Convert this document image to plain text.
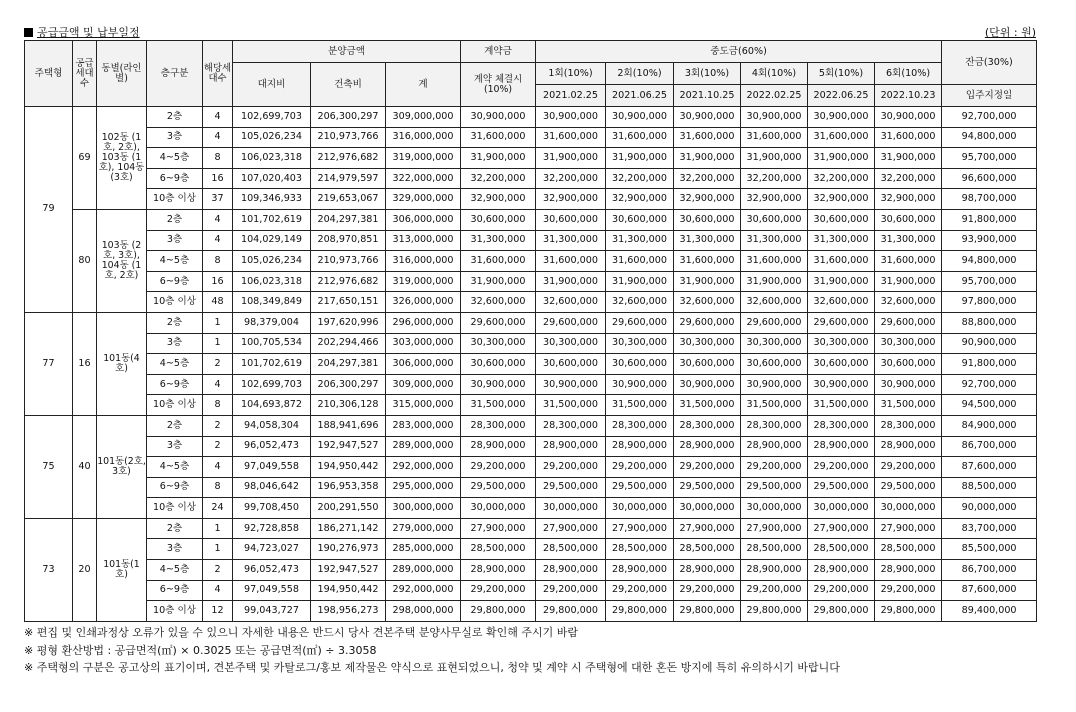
공급금액 및 납부일정	(단위 : 원)
주택형	공급세대수	동별(라인별)	층구분	해당세대수	분양금액			계약금	중도금(60%)						잔금(30%)
					대지비	건축비	계	계약 체결시 (10%)	1회(10%)	2회(10%)	3회(10%)	4회(10%)	5회(10%)	6회(10%)	
									2021.02.25	2021.06.25	2021.10.25	2022.02.25	2022.06.25	2022.10.23	입주지정일
79	69	102동 (1호, 2호), 103동 (1호), 104동 (3호)	2층	4	102,699,703	206,300,297	309,000,000	30,900,000	30,900,000	30,900,000	30,900,000	30,900,000	30,900,000	30,900,000	92,700,000
			3층	4	105,026,234	210,973,766	316,000,000	31,600,000	31,600,000	31,600,000	31,600,000	31,600,000	31,600,000	31,600,000	94,800,000
			4~5층	8	106,023,318	212,976,682	319,000,000	31,900,000	31,900,000	31,900,000	31,900,000	31,900,000	31,900,000	31,900,000	95,700,000
			6~9층	16	107,020,403	214,979,597	322,000,000	32,200,000	32,200,000	32,200,000	32,200,000	32,200,000	32,200,000	32,200,000	96,600,000
			10층 이상	37	109,346,933	219,653,067	329,000,000	32,900,000	32,900,000	32,900,000	32,900,000	32,900,000	32,900,000	32,900,000	98,700,000
	80	103동 (2호, 3호), 104동 (1호, 2호)	2층	4	101,702,619	204,297,381	306,000,000	30,600,000	30,600,000	30,600,000	30,600,000	30,600,000	30,600,000	30,600,000	91,800,000
			3층	4	104,029,149	208,970,851	313,000,000	31,300,000	31,300,000	31,300,000	31,300,000	31,300,000	31,300,000	31,300,000	93,900,000
			4~5층	8	105,026,234	210,973,766	316,000,000	31,600,000	31,600,000	31,600,000	31,600,000	31,600,000	31,600,000	31,600,000	94,800,000
			6~9층	16	106,023,318	212,976,682	319,000,000	31,900,000	31,900,000	31,900,000	31,900,000	31,900,000	31,900,000	31,900,000	95,700,000
			10층 이상	48	108,349,849	217,650,151	326,000,000	32,600,000	32,600,000	32,600,000	32,600,000	32,600,000	32,600,000	32,600,000	97,800,000
77	16	101동(4호)	2층	1	98,379,004	197,620,996	296,000,000	29,600,000	29,600,000	29,600,000	29,600,000	29,600,000	29,600,000	29,600,000	88,800,000
			3층	1	100,705,534	202,294,466	303,000,000	30,300,000	30,300,000	30,300,000	30,300,000	30,300,000	30,300,000	30,300,000	90,900,000
			4~5층	2	101,702,619	204,297,381	306,000,000	30,600,000	30,600,000	30,600,000	30,600,000	30,600,000	30,600,000	30,600,000	91,800,000
			6~9층	4	102,699,703	206,300,297	309,000,000	30,900,000	30,900,000	30,900,000	30,900,000	30,900,000	30,900,000	30,900,000	92,700,000
			10층 이상	8	104,693,872	210,306,128	315,000,000	31,500,000	31,500,000	31,500,000	31,500,000	31,500,000	31,500,000	31,500,000	94,500,000
75	40	101동(2호, 3호)	2층	2	94,058,304	188,941,696	283,000,000	28,300,000	28,300,000	28,300,000	28,300,000	28,300,000	28,300,000	28,300,000	84,900,000
			3층	2	96,052,473	192,947,527	289,000,000	28,900,000	28,900,000	28,900,000	28,900,000	28,900,000	28,900,000	28,900,000	86,700,000
			4~5층	4	97,049,558	194,950,442	292,000,000	29,200,000	29,200,000	29,200,000	29,200,000	29,200,000	29,200,000	29,200,000	87,600,000
			6~9층	8	98,046,642	196,953,358	295,000,000	29,500,000	29,500,000	29,500,000	29,500,000	29,500,000	29,500,000	29,500,000	88,500,000
			10층 이상	24	99,708,450	200,291,550	300,000,000	30,000,000	30,000,000	30,000,000	30,000,000	30,000,000	30,000,000	30,000,000	90,000,000
73	20	101동(1호)	2층	1	92,728,858	186,271,142	279,000,000	27,900,000	27,900,000	27,900,000	27,900,000	27,900,000	27,900,000	27,900,000	83,700,000
			3층	1	94,723,027	190,276,973	285,000,000	28,500,000	28,500,000	28,500,000	28,500,000	28,500,000	28,500,000	28,500,000	85,500,000
			4~5층	2	96,052,473	192,947,527	289,000,000	28,900,000	28,900,000	28,900,000	28,900,000	28,900,000	28,900,000	28,900,000	86,700,000
			6~9층	4	97,049,558	194,950,442	292,000,000	29,200,000	29,200,000	29,200,000	29,200,000	29,200,000	29,200,000	29,200,000	87,600,000
			10층 이상	12	99,043,727	198,956,273	298,000,000	29,800,000	29,800,000	29,800,000	29,800,000	29,800,000	29,800,000	29,800,000	89,400,000
※ 편집 및 인쇄과정상 오류가 있을 수 있으니 자세한 내용은 반드시 당사 견본주택 분양사무실로 확인해 주시기 바람
※ 평형 환산방법 : 공급면적(㎡) × 0.3025 또는 공급면적(㎡) ÷ 3.3058
※ 주택형의 구분은 공고상의 표기이며, 견본주택 및 카탈로그/홍보 제작물은 약식으로 표현되었으니, 청약 및 계약 시 주택형에 대한 혼돈 방지에 특히 유의하시기 바랍니다
